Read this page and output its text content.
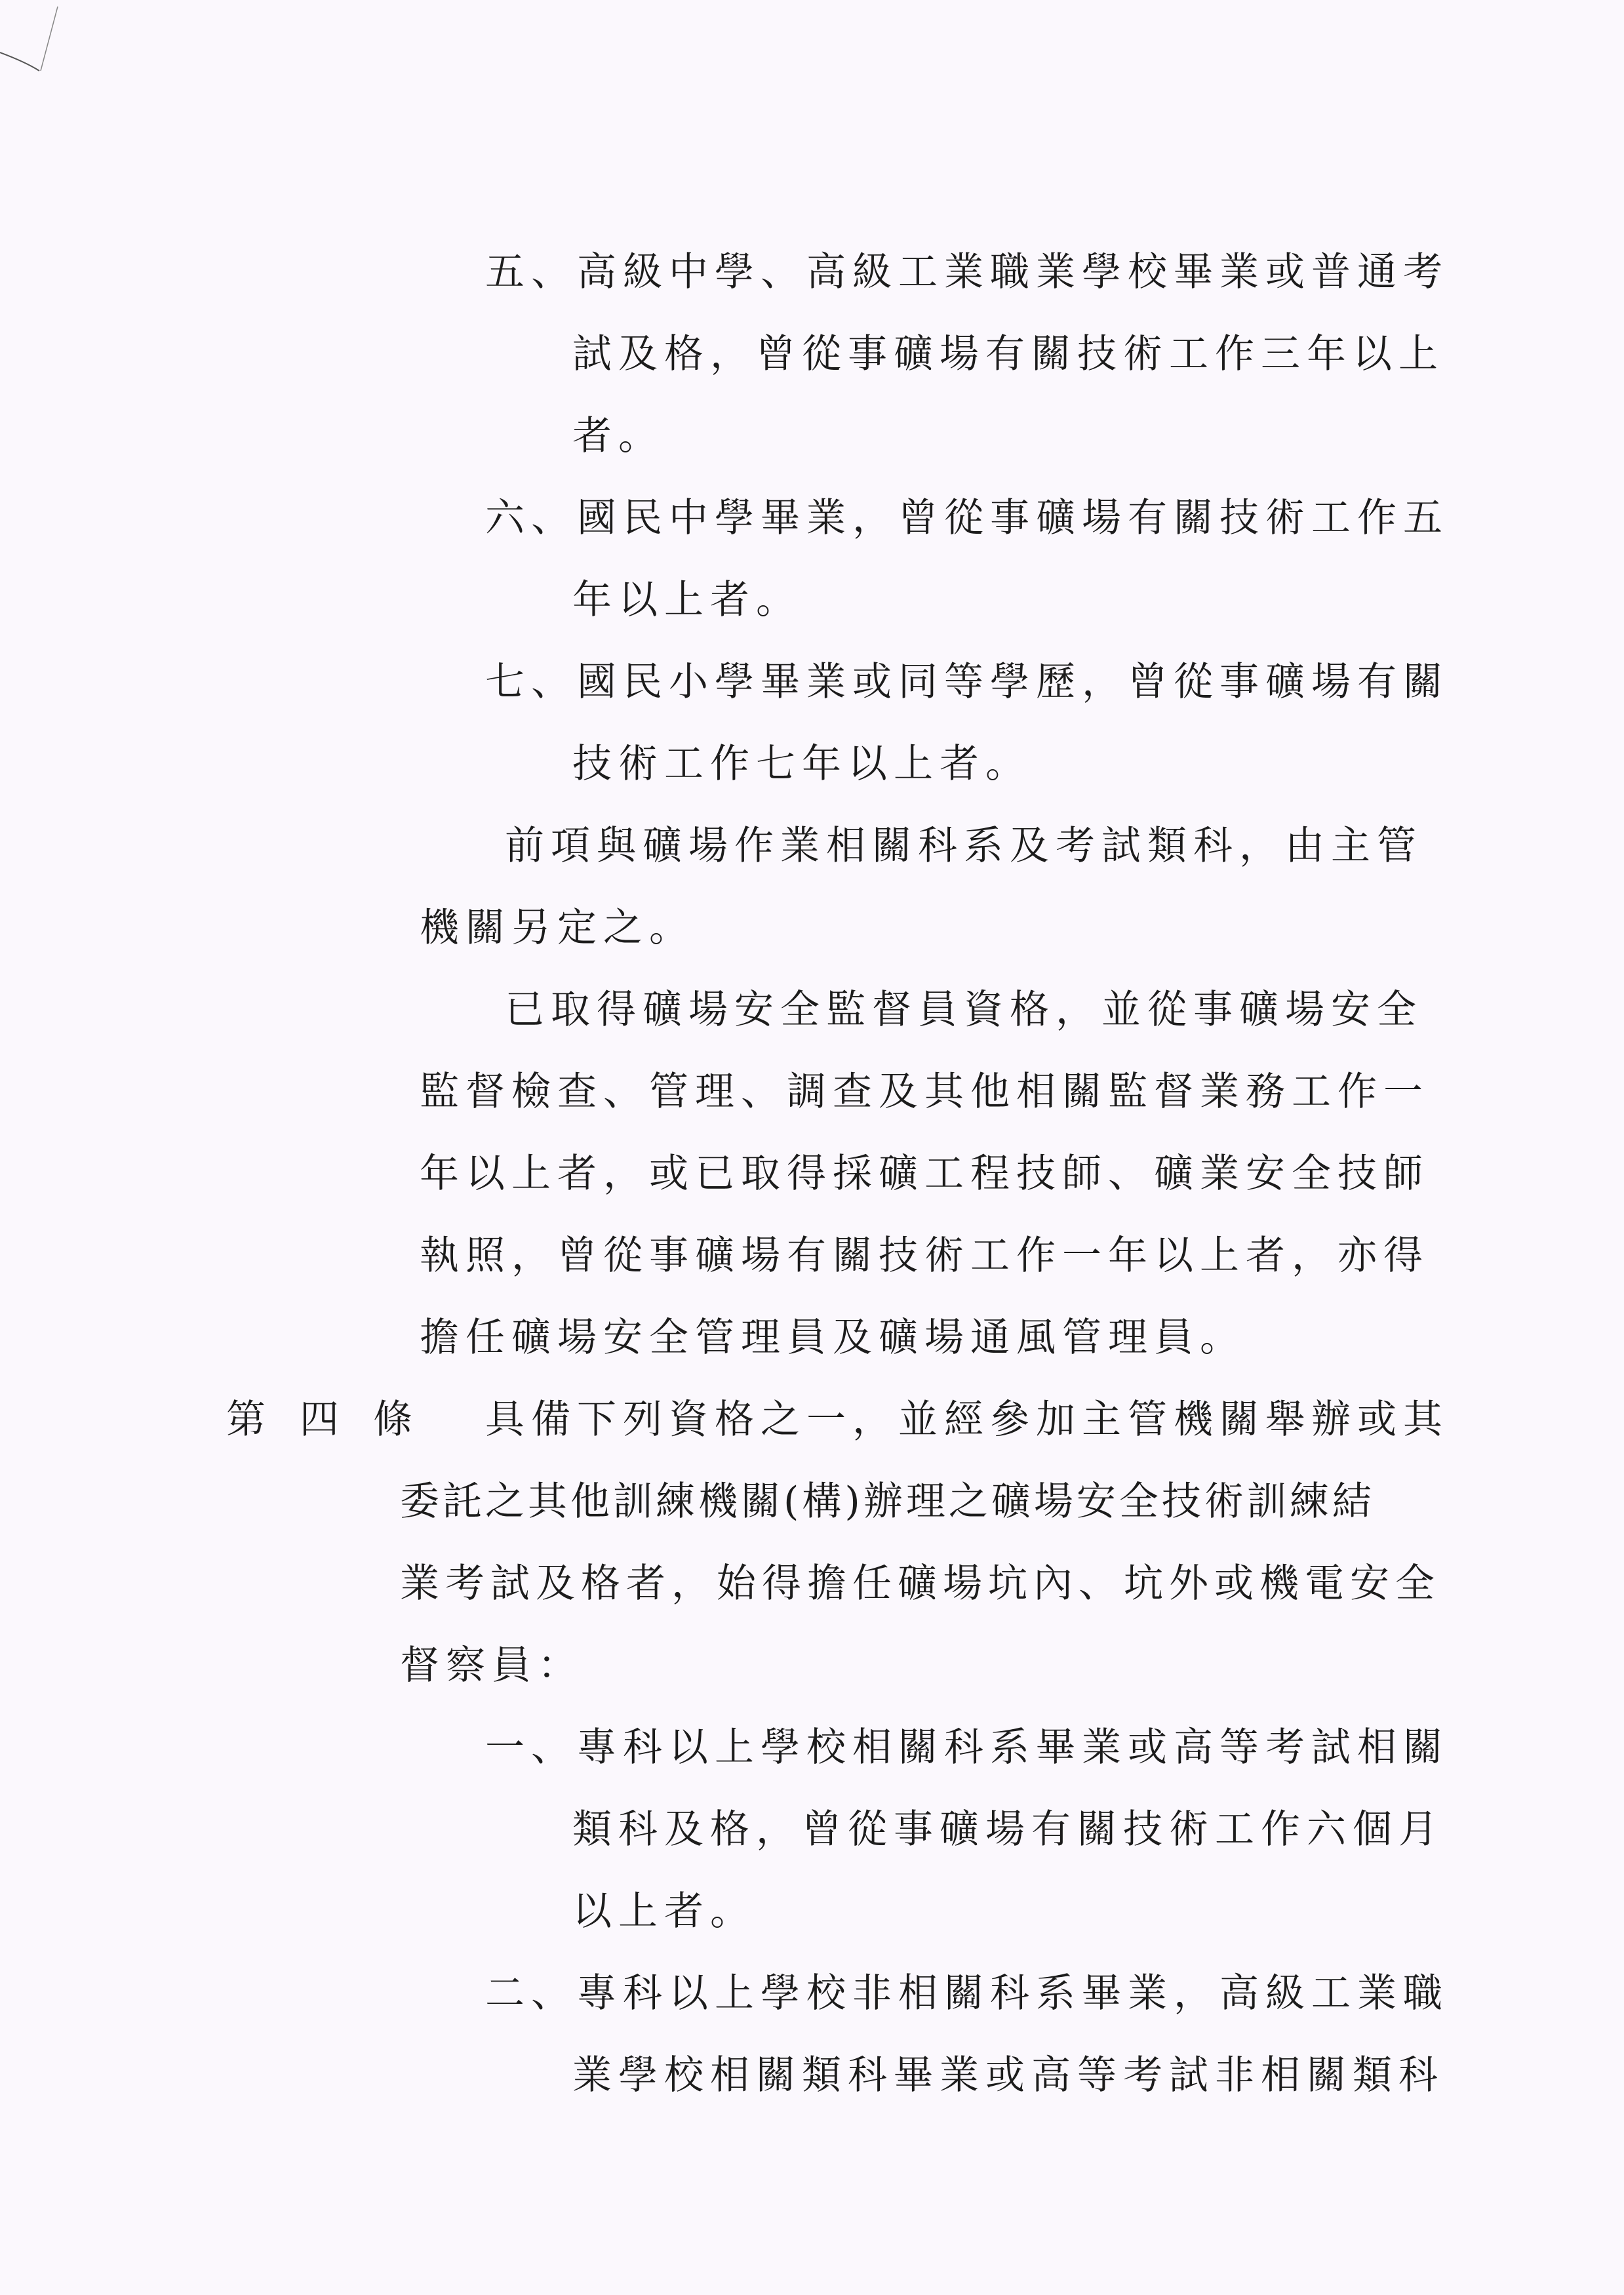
五、高級中學、高級工業職業學校畢業或普通考
試及格，曾從事礦場有關技術工作三年以上
者。
六、國民中學畢業，曾從事礦場有關技術工作五
年以上者。
七、國民小學畢業或同等學歷，曾從事礦場有關
技術工作七年以上者。
前項與礦場作業相關科系及考試類科，由主管
機關另定之。
已取得礦場安全監督員資格，並從事礦場安全
監督檢查、管理、調查及其他相關監督業務工作一
年以上者，或已取得採礦工程技師、礦業安全技師
執照，曾從事礦場有關技術工作一年以上者，亦得
擔任礦場安全管理員及礦場通風管理員。
第 四 條 具備下列資格之一，並經參加主管機關舉辦或其
委託之其他訓練機關(構)辦理之礦場安全技術訓練結
業考試及格者，始得擔任礦場坑內、坑外或機電安全
督察員：
一、專科以上學校相關科系畢業或高等考試相關
類科及格，曾從事礦場有關技術工作六個月
以上者。
二、專科以上學校非相關科系畢業，高級工業職
業學校相關類科畢業或高等考試非相關類科
